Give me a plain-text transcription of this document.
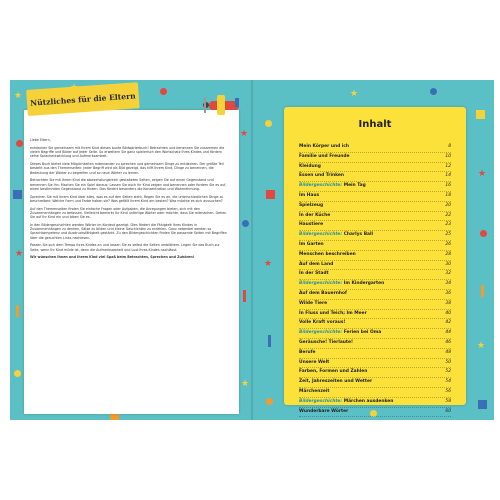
★
★
★
★
★
★
★
★
Nützliches für die Eltern

Liebe Eltern,

entdecken Sie gemeinsam mit Ihrem Kind dieses bunte Bildwörterbuch! Betrachten und benennen Sie zusammen die vielen Begriffe und Bilder auf jeder Seite. So erweitern Sie ganz spielerisch den Wortschatz Ihres Kindes und fördern seine Sprachentwicklung und Aufmerksamkeit.

Dieses Buch bietet viele Möglichkeiten miteinander zu sprechen und gemeinsam Dinge zu entdecken. Der größte Teil besteht aus den Themenseiten: Jeder Begriff wird als Bild gezeigt, das hilft Ihrem Kind, Dinge zu benennen, die Bedeutung der Wörter zu begreifen und so neue Wörter zu lernen.

Betrachten Sie mit Ihrem Kind die abwechslungsreich gestalteten Seiten, zeigen Sie auf einen Gegenstand und benennen Sie ihn. Machen Sie ein Spiel daraus: Lassen Sie auch Ihr Kind zeigen und benennen oder fordern Sie es auf, einen bestimmten Gegenstand zu finden. Das fördert besonders die Konzentration und Wahrnehmung.

Sprechen Sie mit Ihrem Kind über alles, was es auf den Seiten sieht. Regen Sie es an, die unterschiedlichen Dinge zu beschreiben: Welche Form und Farbe haben sie? Was gefällt Ihrem Kind am besten? Was möchte es sich aussuchen?

Auf den Themenseiten finden Sie einfache Fragen oder Aufgaben, die Anregungen bieten, sich mit den Zusammenhängen zu befassen. Vielleicht bemerkt Ihr Kind unfertige Wörter oder möchte, dass Sie mitmachen. Gehen Sie auf Ihr Kind ein und loben Sie es.

In den Bildergeschichten werden Wörter im Kontext gezeigt. Dies fördert die Fähigkeit Ihres Kindes in Zusammenhängen zu denken, Sätze zu bilden und kleine Geschichten zu erzählen. Ganz nebenbei werden so Sprachkompetenz und Ausdrucksfähigkeit gestärkt. Zu den Bildergeschichten finden Sie passende Seiten mit Begriffen über die gesuchten Links nachlesen.

Passen Sie sich dem Tempo Ihres Kindes an und lassen Sie es selbst die Seiten umblättern. Legen Sie das Buch zur Seite, wenn Ihr Kind müde ist, denn die Aufmerksamkeit und Lust Ihres Kindes nachlässt.

Wir wünschen Ihnen und Ihrem Kind viel Spaß beim Betrachten, Sprechen und Zuhören!

Inhalt
Mein Körper und ich	8
Familie und Freunde	10
Kleidung	12
Essen und Trinken	14
Bildergeschichte: Mein Tag	16
Im Haus	18
Spielzeug	20
In der Küche	22
Haustiere	23
Bildergeschichte: Charlys Ball	25
Im Garten	26
Menschen beschreiben	28
Auf dem Land	30
In der Stadt	32
Bildergeschichte: Im Kindergarten	34
Auf dem Bauernhof	36
Wilde Tiere	38
In Fluss und Teich; Im Meer	40
Volle Kraft voraus!	42
Bildergeschichte: Ferien bei Oma	44
Geräusche! Tierlaute!	46
Berufe	48
Unsere Welt	50
Farben, Formen und Zahlen	52
Zeit, Jahreszeiten und Wetter	54
Märchenzeit	56
Bildergeschichte: Märchen ausdenken	58
Wunderbare Wörter	60
